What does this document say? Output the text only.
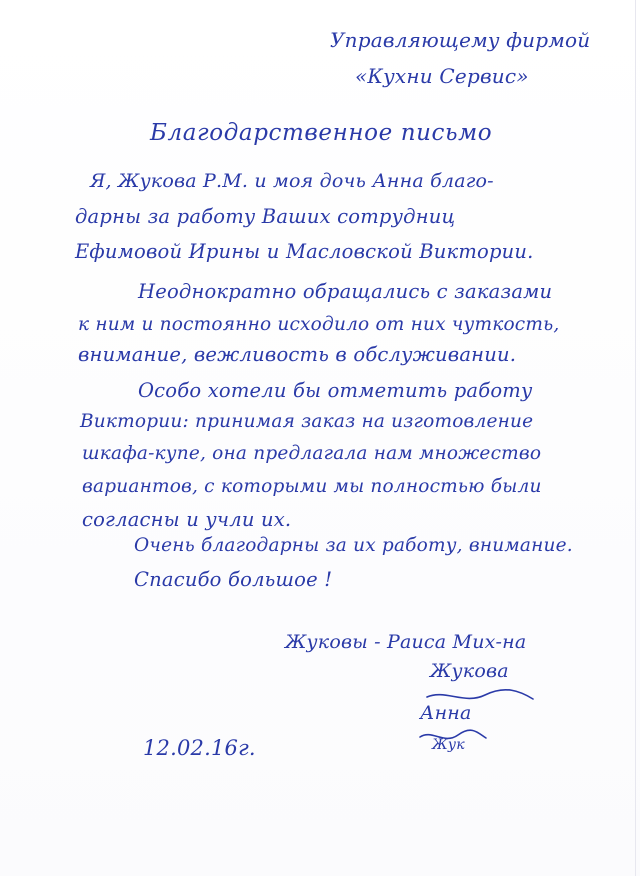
Управляющему фирмой
«Кухни Сервис»
Благодарственное письмо
Я, Жукова Р.М. и моя дочь Анна благо-
дарны за работу Ваших сотрудниц
Ефимовой Ирины и Масловской Виктории.
Неоднократно обращались с заказами
к ним и постоянно исходило от них чуткость,
внимание, вежливость в обслуживании.
Особо хотели бы отметить работу
Виктории: принимая заказ на изготовление
шкафа-купе, она предлагала нам множество
вариантов, с которыми мы полностью были
согласны и учли их.
Очень благодарны за их работу, внимание.
Спасибо большое !
Жуковы - Раиса Мих-на
Жукова
Анна
Жук
12.02.16г.
